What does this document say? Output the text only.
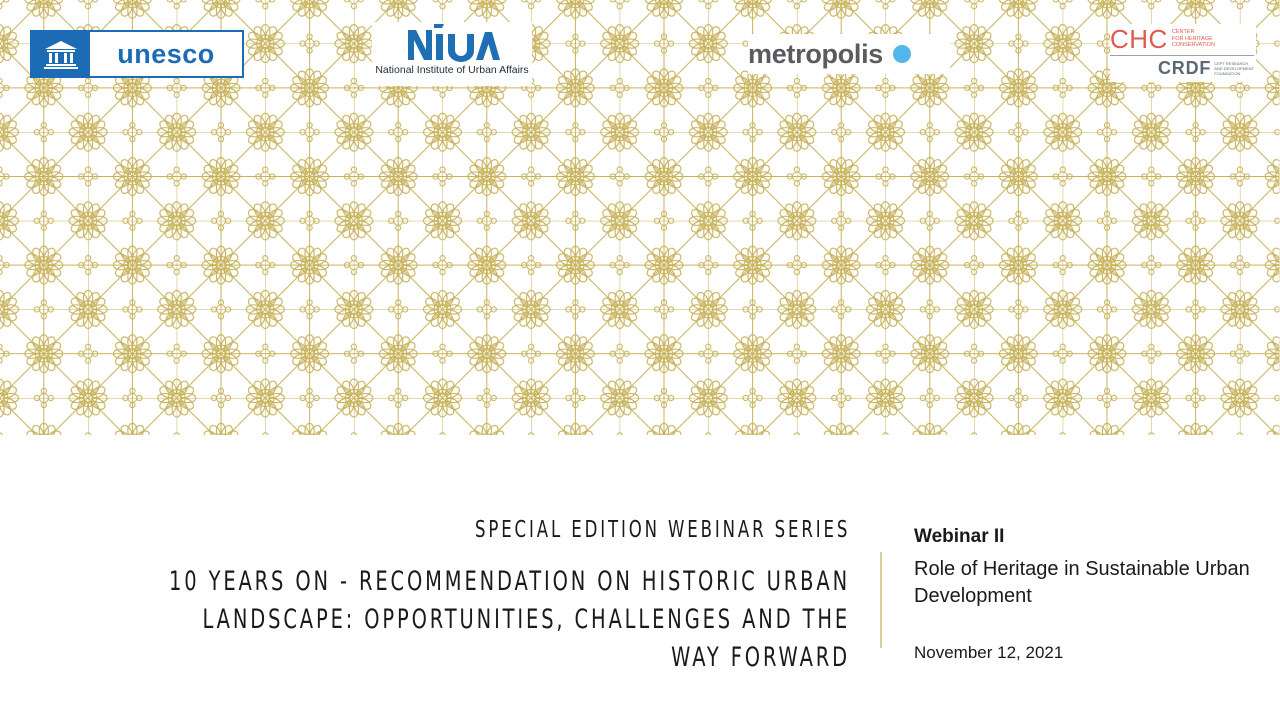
unesco
National Institute of Urban Affairs
metropolis	CHC CENTER
FOR HERITAGE
CONSERVATION
CRDF CEPT RESEARCH
AND DEVELOPMENT
FOUNDATION
SPECIAL EDITION WEBINAR SERIES
10 YEARS ON - RECOMMENDATION ON HISTORIC URBAN
LANDSCAPE: OPPORTUNITIES, CHALLENGES AND THE
WAY FORWARD
Webinar II
Role of Heritage in Sustainable Urban Development
November 12, 2021
